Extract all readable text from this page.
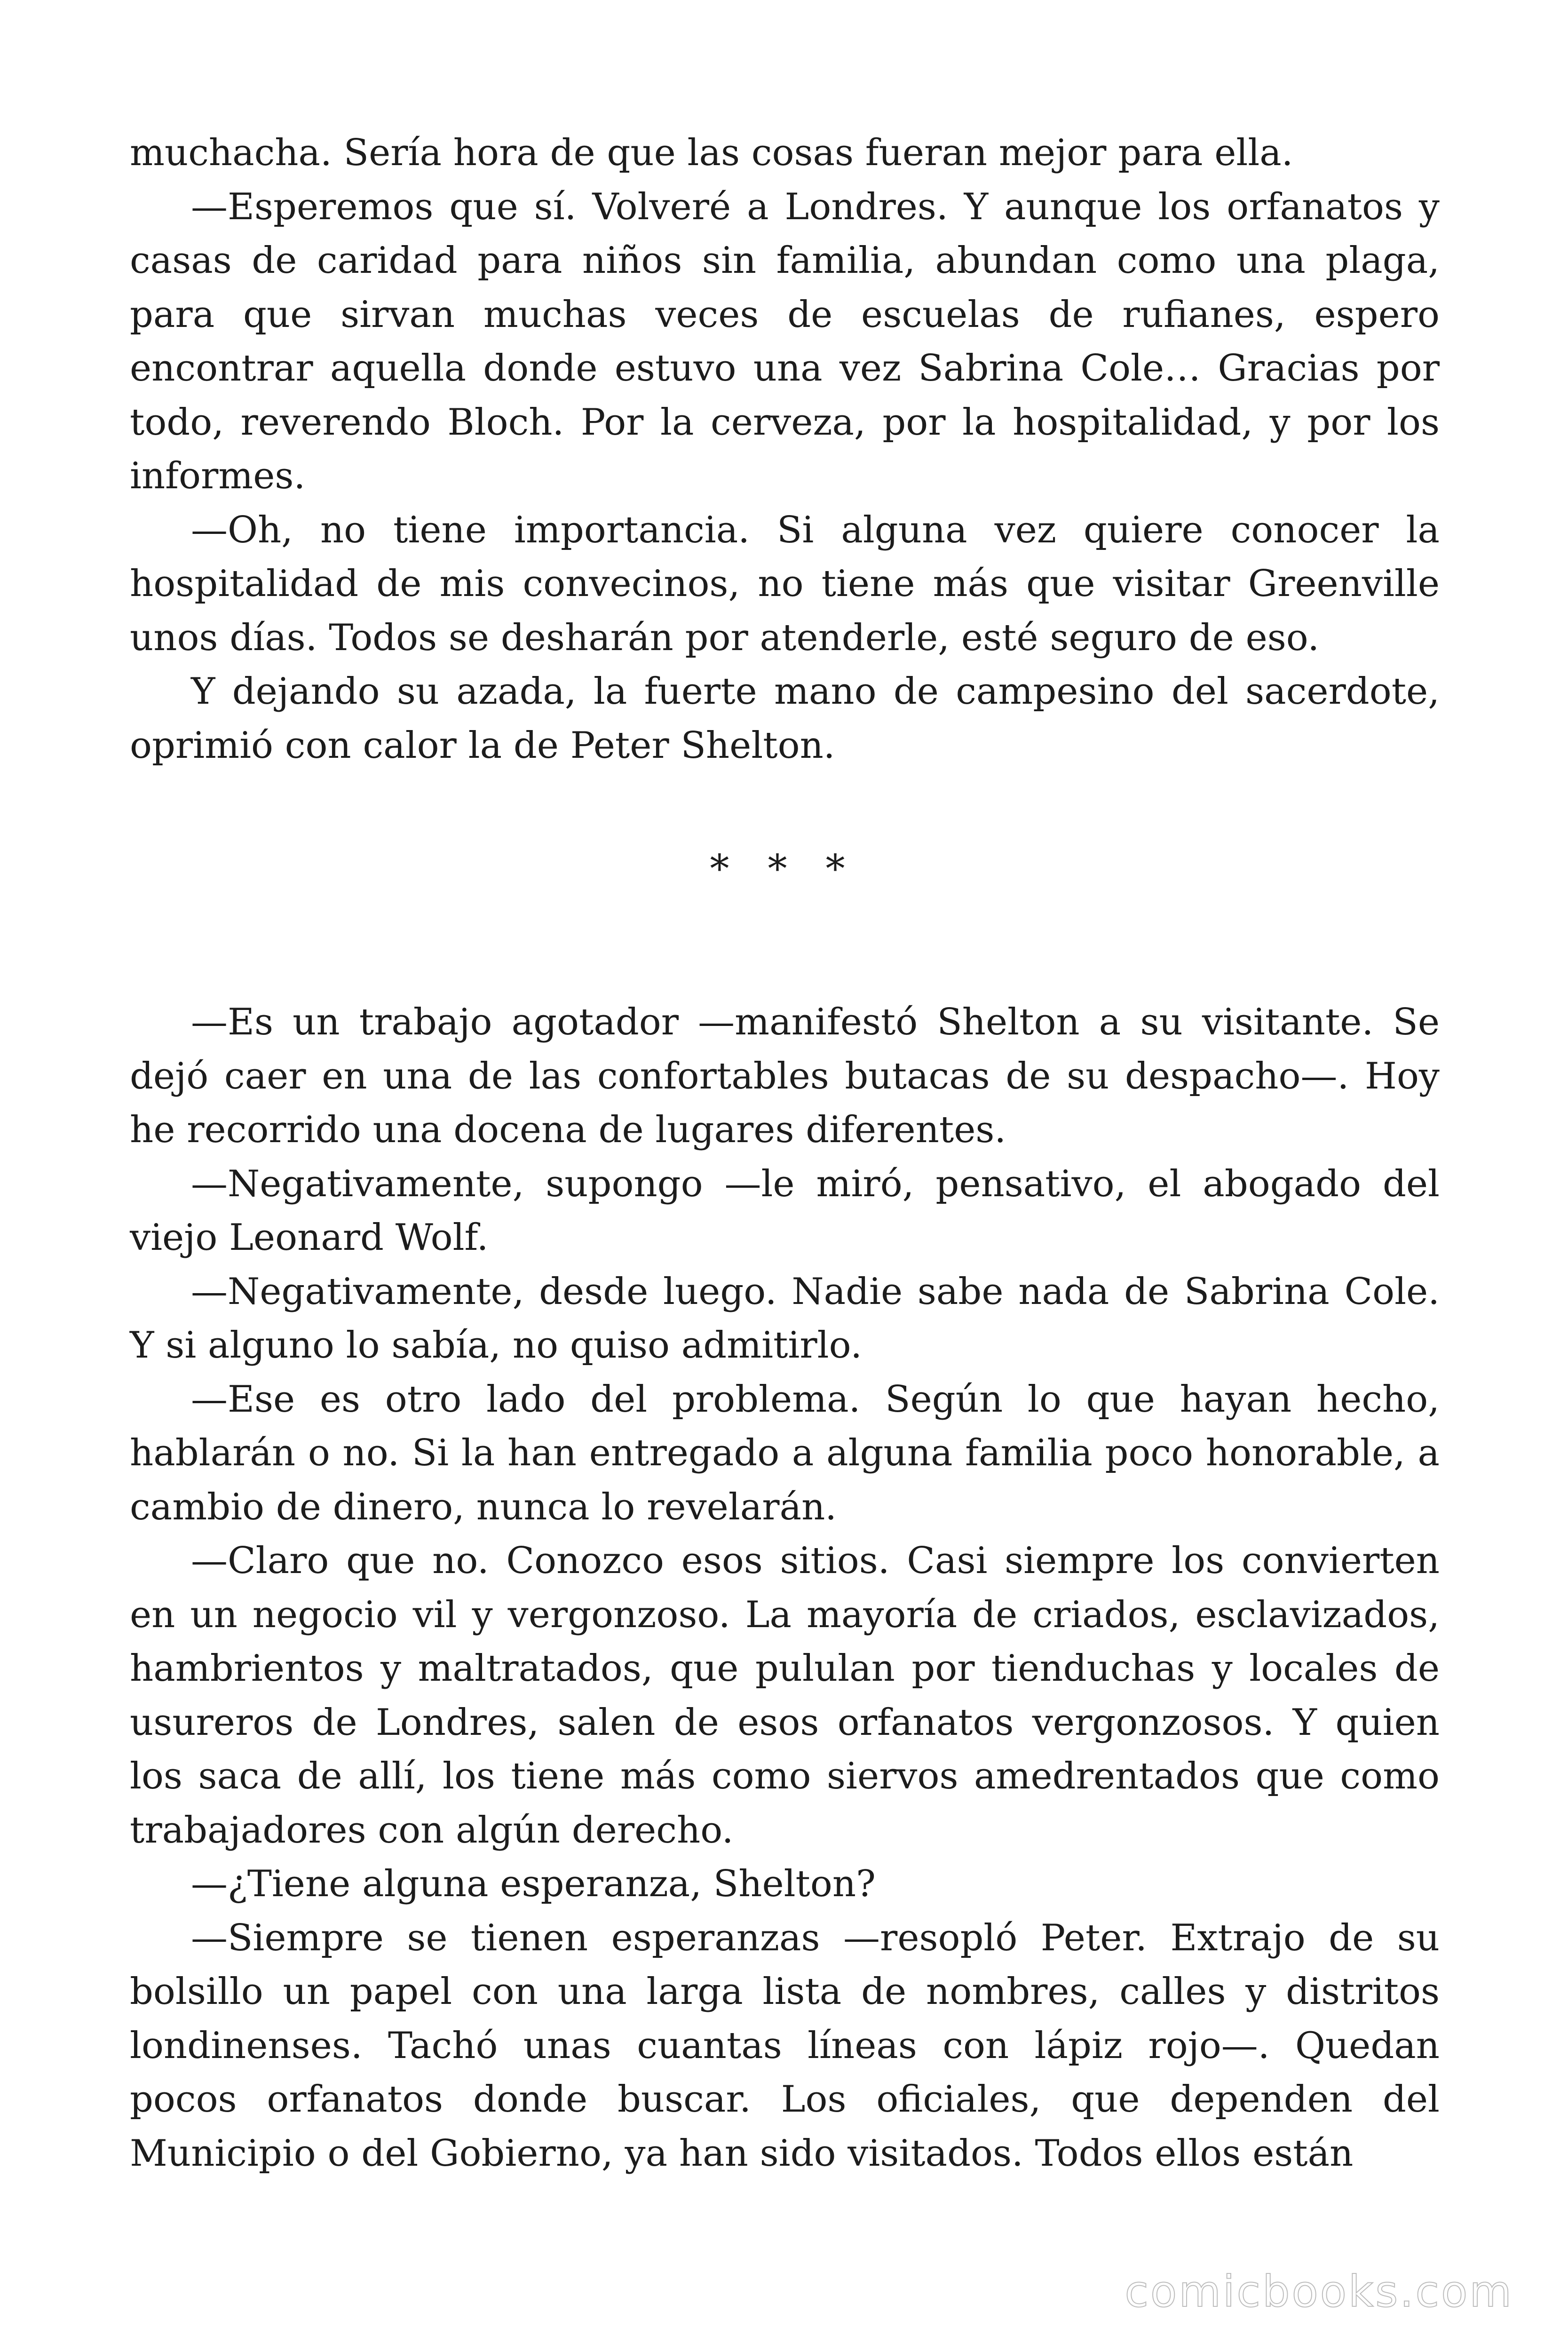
muchacha. Sería hora de que las cosas fueran mejor para ella.

—Esperemos que sí. Volveré a Londres. Y aunque los orfanatos y casas de caridad para niños sin familia, abundan como una plaga, para que sirvan muchas veces de escuelas de rufianes, espero encontrar aquella donde estuvo una vez Sabrina Cole… Gracias por todo, reverendo Bloch. Por la cerveza, por la hospitalidad, y por los informes.

—Oh, no tiene importancia. Si alguna vez quiere conocer la hospitalidad de mis convecinos, no tiene más que visitar Greenville unos días. Todos se desharán por atenderle, esté seguro de eso.

Y dejando su azada, la fuerte mano de campesino del sacerdote, oprimió con calor la de Peter Shelton.

* * *

—Es un trabajo agotador —manifestó Shelton a su visitante. Se dejó caer en una de las confortables butacas de su despacho—. Hoy he recorrido una docena de lugares diferentes.

—Negativamente, supongo —le miró, pensativo, el abogado del viejo Leonard Wolf.

—Negativamente, desde luego. Nadie sabe nada de Sabrina Cole. Y si alguno lo sabía, no quiso admitirlo.

—Ese es otro lado del problema. Según lo que hayan hecho, hablarán o no. Si la han entregado a alguna familia poco honorable, a cambio de dinero, nunca lo revelarán.

—Claro que no. Conozco esos sitios. Casi siempre los convierten en un negocio vil y vergonzoso. La mayoría de criados, esclavizados, hambrientos y maltratados, que pululan por tienduchas y locales de usureros de Londres, salen de esos orfanatos vergonzosos. Y quien los saca de allí, los tiene más como siervos amedrentados que como trabajadores con algún derecho.

—¿Tiene alguna esperanza, Shelton?

—Siempre se tienen esperanzas —resopló Peter. Extrajo de su bolsillo un papel con una larga lista de nombres, calles y distritos londinenses. Tachó unas cuantas líneas con lápiz rojo—. Quedan pocos orfanatos donde buscar. Los oficiales, que dependen del Municipio o del Gobierno, ya han sido visitados. Todos ellos están

comicbooks.com
